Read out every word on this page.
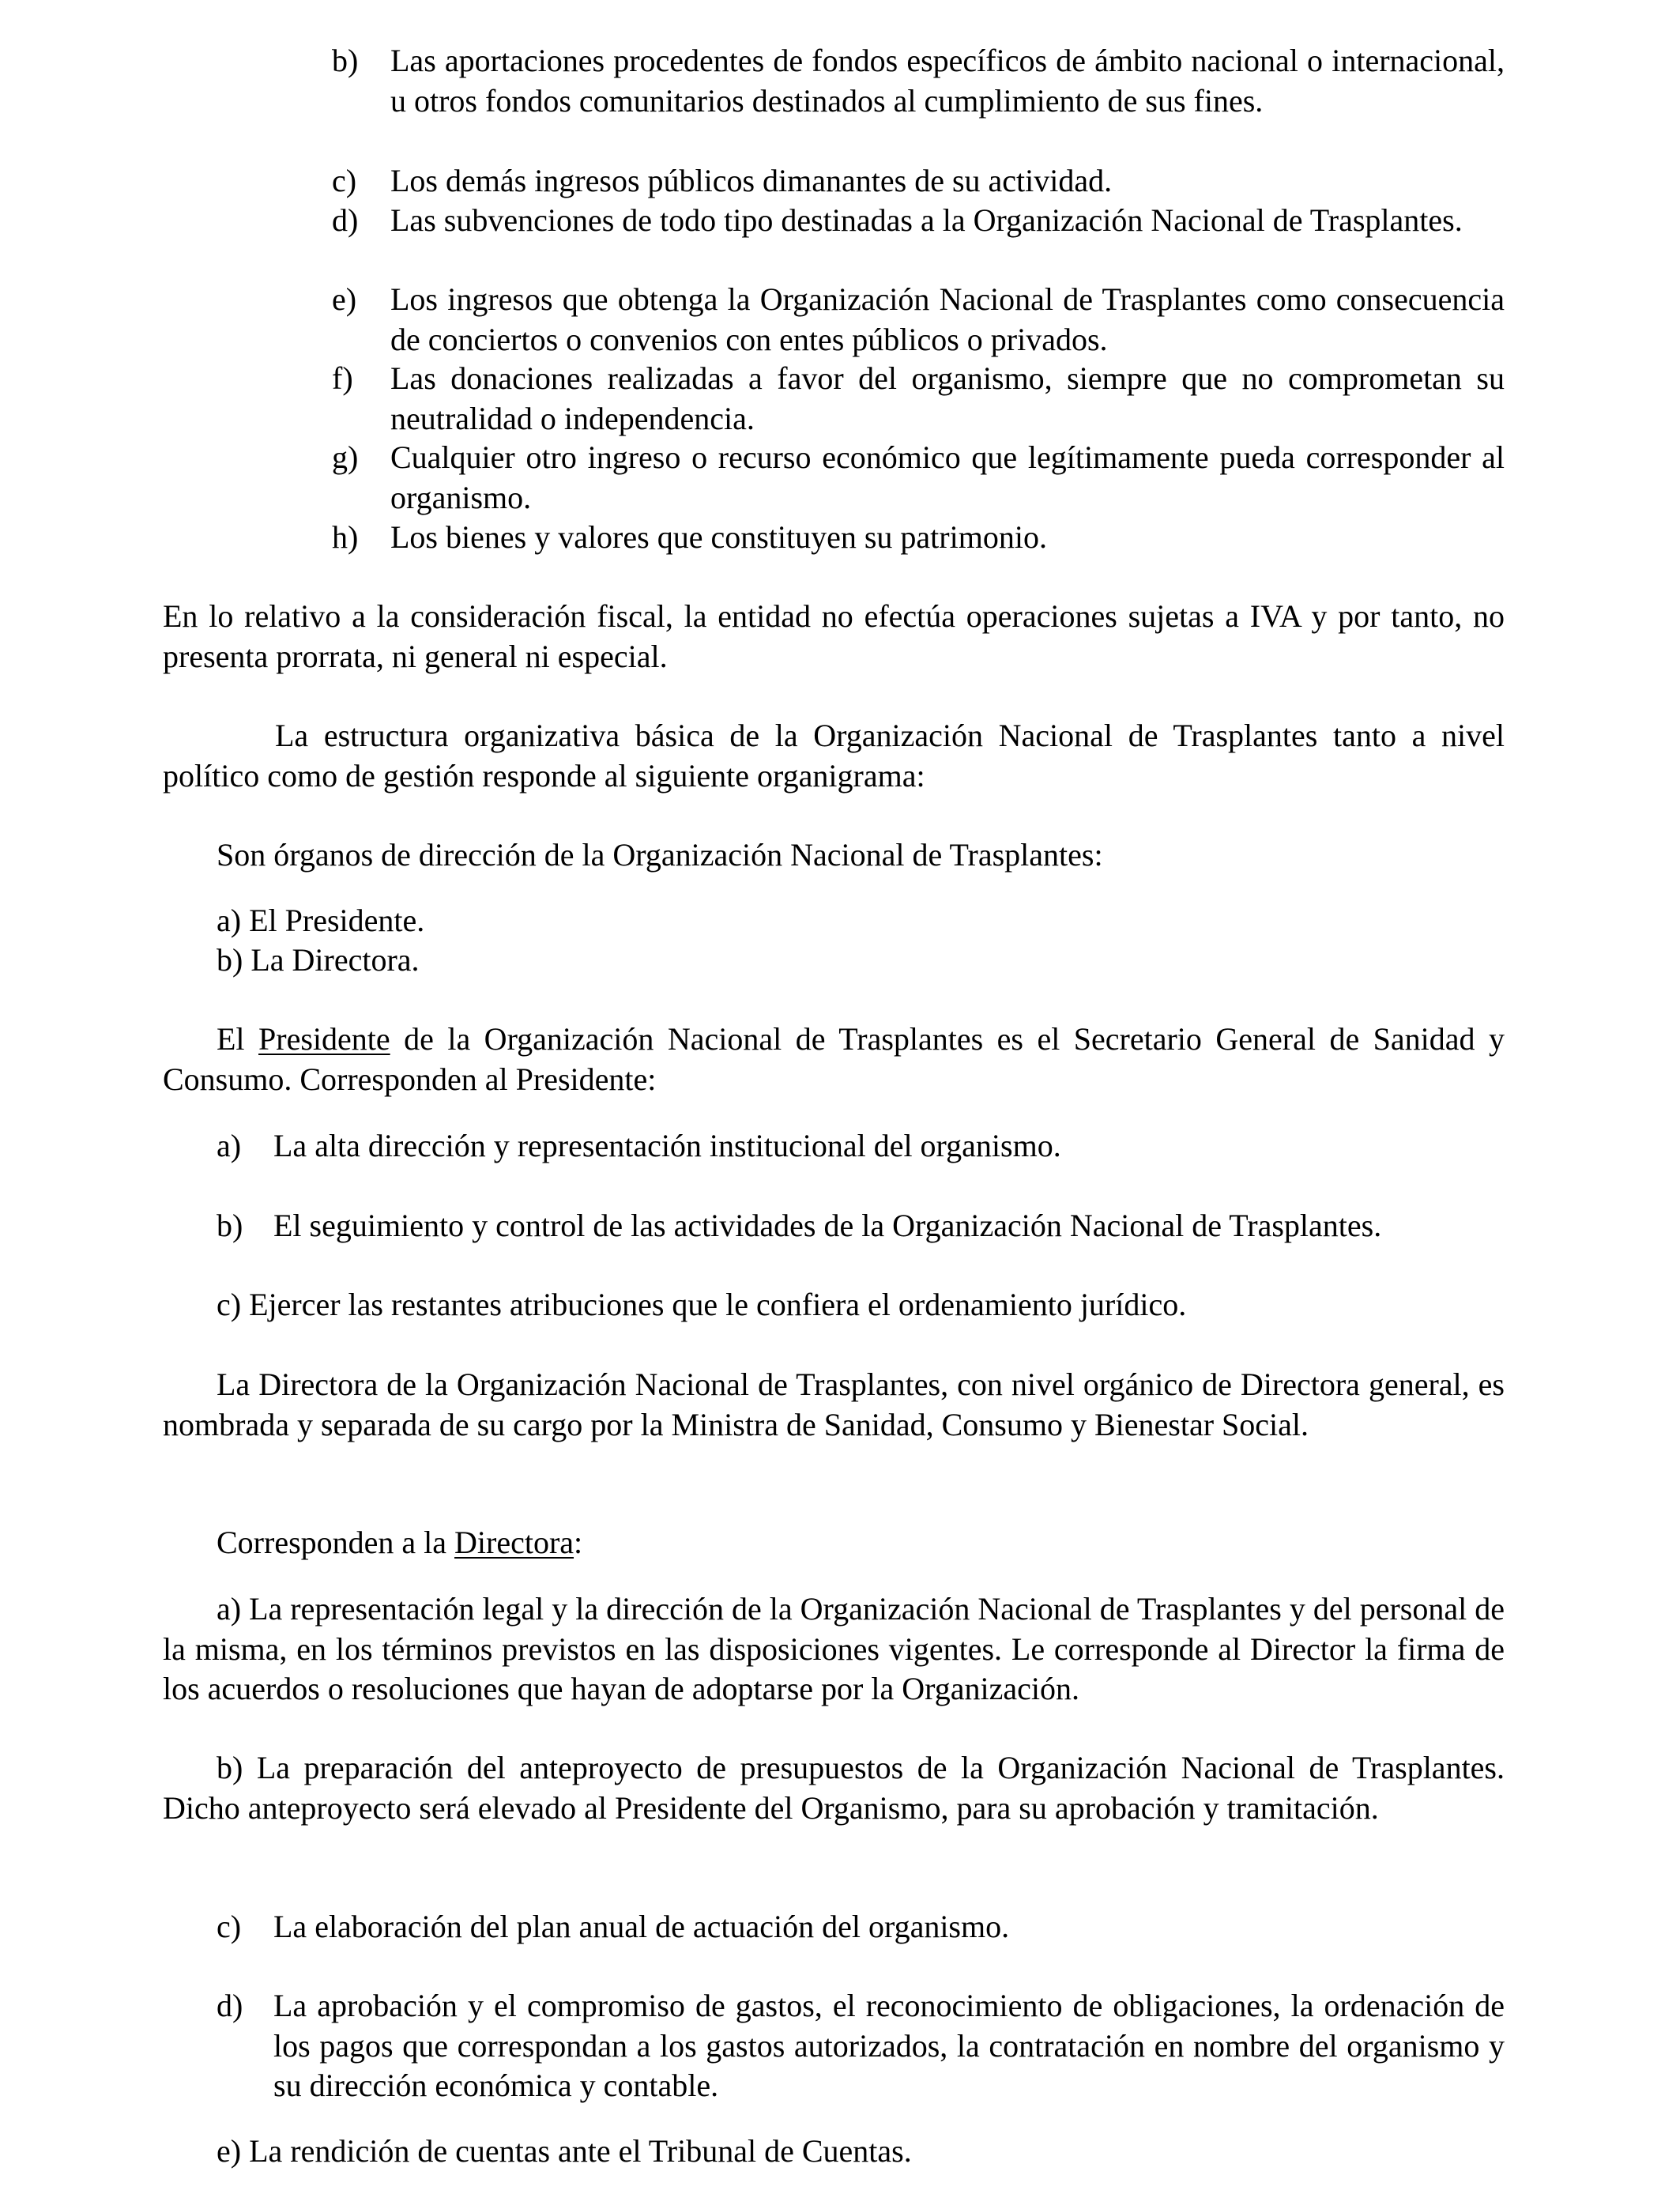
b) Las aportaciones procedentes de fondos específicos de ámbito nacional o internacional, u otros fondos comunitarios destinados al cumplimiento de sus fines.

c) Los demás ingresos públicos dimanantes de su actividad.

d) Las subvenciones de todo tipo destinadas a la Organización Nacional de Trasplantes.

e) Los ingresos que obtenga la Organización Nacional de Trasplantes como consecuencia de conciertos o convenios con entes públicos o privados.

f) Las donaciones realizadas a favor del organismo, siempre que no comprometan su neutralidad o independencia.

g) Cualquier otro ingreso o recurso económico que legítimamente pueda corresponder al organismo.

h) Los bienes y valores que constituyen su patrimonio.

En lo relativo a la consideración fiscal, la entidad no efectúa operaciones sujetas a IVA y por tanto, no presenta prorrata, ni general ni especial.

La estructura organizativa básica de la Organización Nacional de Trasplantes tanto a nivel político como de gestión responde al siguiente organigrama:

Son órganos de dirección de la Organización Nacional de Trasplantes:

a) El Presidente.

b) La Directora.

El Presidente de la Organización Nacional de Trasplantes es el Secretario General de Sanidad y Consumo. Corresponden al Presidente:

a) La alta dirección y representación institucional del organismo.

b) El seguimiento y control de las actividades de la Organización Nacional de Trasplantes.

c) Ejercer las restantes atribuciones que le confiera el ordenamiento jurídico.

La Directora de la Organización Nacional de Trasplantes, con nivel orgánico de Directora general, es nombrada y separada de su cargo por la Ministra de Sanidad, Consumo y Bienestar Social.

Corresponden a la Directora:

a) La representación legal y la dirección de la Organización Nacional de Trasplantes y del personal de la misma, en los términos previstos en las disposiciones vigentes. Le corresponde al Director la firma de los acuerdos o resoluciones que hayan de adoptarse por la Organización.

b) La preparación del anteproyecto de presupuestos de la Organización Nacional de Trasplantes. Dicho anteproyecto será elevado al Presidente del Organismo, para su aprobación y tramitación.

c) La elaboración del plan anual de actuación del organismo.

d) La aprobación y el compromiso de gastos, el reconocimiento de obligaciones, la ordenación de los pagos que correspondan a los gastos autorizados, la contratación en nombre del organismo y su dirección económica y contable.

e) La rendición de cuentas ante el Tribunal de Cuentas.
